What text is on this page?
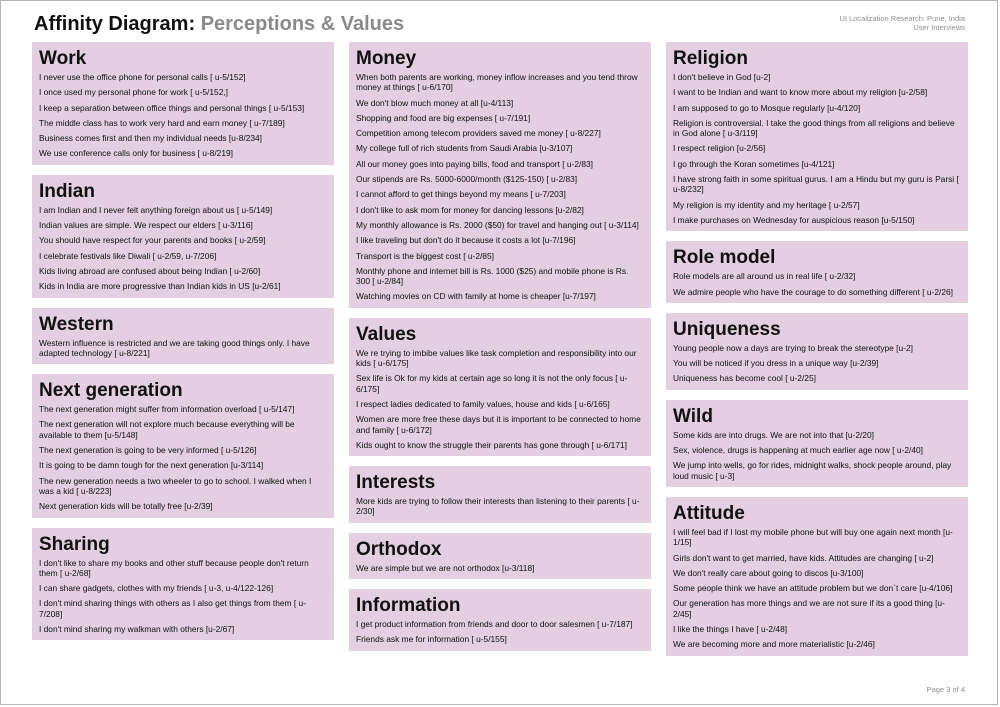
Affinity Diagram: Perceptions & Values	UI Localization Research: Pune, India
User Interviews
Work
I never use the office phone for personal calls [ u-5/152]
I once used my personal phone for work [ u-5/152,]
I keep a separation between office things and personal things [ u-5/153]
The middle class has to work very hard and earn money [ u-7/189]
Business comes first and then my individual needs [u-8/234]
We use conference calls only for business [ u-8/219]
Indian
I am Indian and I never felt anything foreign about us [ u-5/149]
Indian values are simple. We respect our elders [ u-3/116]
You should have respect for your parents and books [ u-2/59]
I celebrate festivals like Diwali [ u-2/59, u-7/206]
Kids living abroad are confused about being Indian [ u-2/60]
Kids in India are more progressive than Indian kids in US [u-2/61]
Western
Western influence is restricted and we are taking good things only. I have adapted technology [ u-8/221]
Next generation
The next generation might suffer from information overload [ u-5/147]
The next generation will not explore much because everything will be available to them [u-5/148]
The next generation is going to be very informed [ u-5/126]
It is going to be damn tough for the next generation [u-3/114]
The new generation needs a two wheeler to go to school. I walked when I was a kid [ u-8/223]
Next generation kids will be totally free [u-2/39]
Sharing
I don't like to share my books and other stuff because people don't return them [ u-2/68]
I can share gadgets, clothes with my friends [ u-3, u-4/122-126]
I don't mind sharing things with others as I also get things from them [ u-7/208]
I don't mind sharing my walkman with others [u-2/67]
Money
When both parents are working, money inflow increases and you tend throw money at things [ u-6/170]
We don't blow much money at all [u-4/113]
Shopping and food are big expenses [ u-7/191]
Competition among telecom providers saved me money [ u-8/227]
My college full of rich students from Saudi Arabia [u-3/107]
All our money goes into paying bills, food and transport [ u-2/83]
Our stipends are Rs. 5000-6000/month ($125-150) [ u-2/83]
I cannot afford to get things beyond my means [ u-7/203]
I don't like to ask mom for money for dancing lessons [u-2/82]
My monthly allowance is Rs. 2000 ($50) for travel and hanging out [ u-3/114]
I like traveling but don't do it because it costs a lot [u-7/196]
Transport is the biggest cost [ u-2/85]
Monthly phone and internet bill is Rs. 1000 ($25) and mobile phone is Rs. 300 [ u-2/84]
Watching movies on CD with family at home is cheaper [u-7/197]
Values
We re trying to imbibe values like task completion and responsibility into our kids [ u-6/175]
Sex life is Ok for my kids at certain age so long it is not the only focus [ u-6/175]
I respect ladies dedicated to family values, house and kids [ u-6/165]
Women are more free these days but it is important to be connected to home and family [ u-6/172]
Kids ought to know the struggle their parents has gone through [ u-6/171]
Interests
More kids are trying to follow their interests than listening to their parents [ u-2/30]
Orthodox
We are simple but we are not orthodox [u-3/118]
Information
I get product information from friends and door to door salesmen [ u-7/187]
Friends ask me for information [ u-5/155]
Religion
I don't believe in God [u-2]
I want to be Indian and want to know more about my religion [u-2/58]
I am supposed to go to Mosque regularly [u-4/120]
Religion is controversial. I take the good things from all religions and believe in God alone [ u-3/119]
I respect religion [u-2/56]
I go through the Koran sometimes [u-4/121]
I have strong faith in some spiritual gurus. I am a Hindu but my guru is Parsi [ u-8/232]
My religion is my identity and my heritage [ u-2/57]
I make purchases on Wednesday for auspicious reason [u-5/150]
Role model
Role models are all around us in real life [ u-2/32]
We admire people who have the courage to do something different [ u-2/26]
Uniqueness
Young people now a days are trying to break the stereotype [u-2]
You will be noticed if you dress in a unique way [u-2/39]
Uniqueness has become cool [ u-2/25]
Wild
Some kids are into drugs. We are not into that [u-2/20]
Sex, violence, drugs is happening at much earlier age now [ u-2/40]
We jump into wells, go for rides, midnight walks, shock people around, play loud music [ u-3]
Attitude
I will feel bad if I lost my mobile phone but will buy one again next month [u-1/15]
Girls don't want to get married, have kids. Attitudes are changing [ u-2]
We don't really care about going to discos [u-3/100]
Some people think we have an attitude problem but we don`t care [u-4/106]
Our generation has more things and we are not sure if its a good thing [u-2/45]
I like the things I have [ u-2/48]
We are becoming more and more materialistic [u-2/46]
Page 3 of 4
